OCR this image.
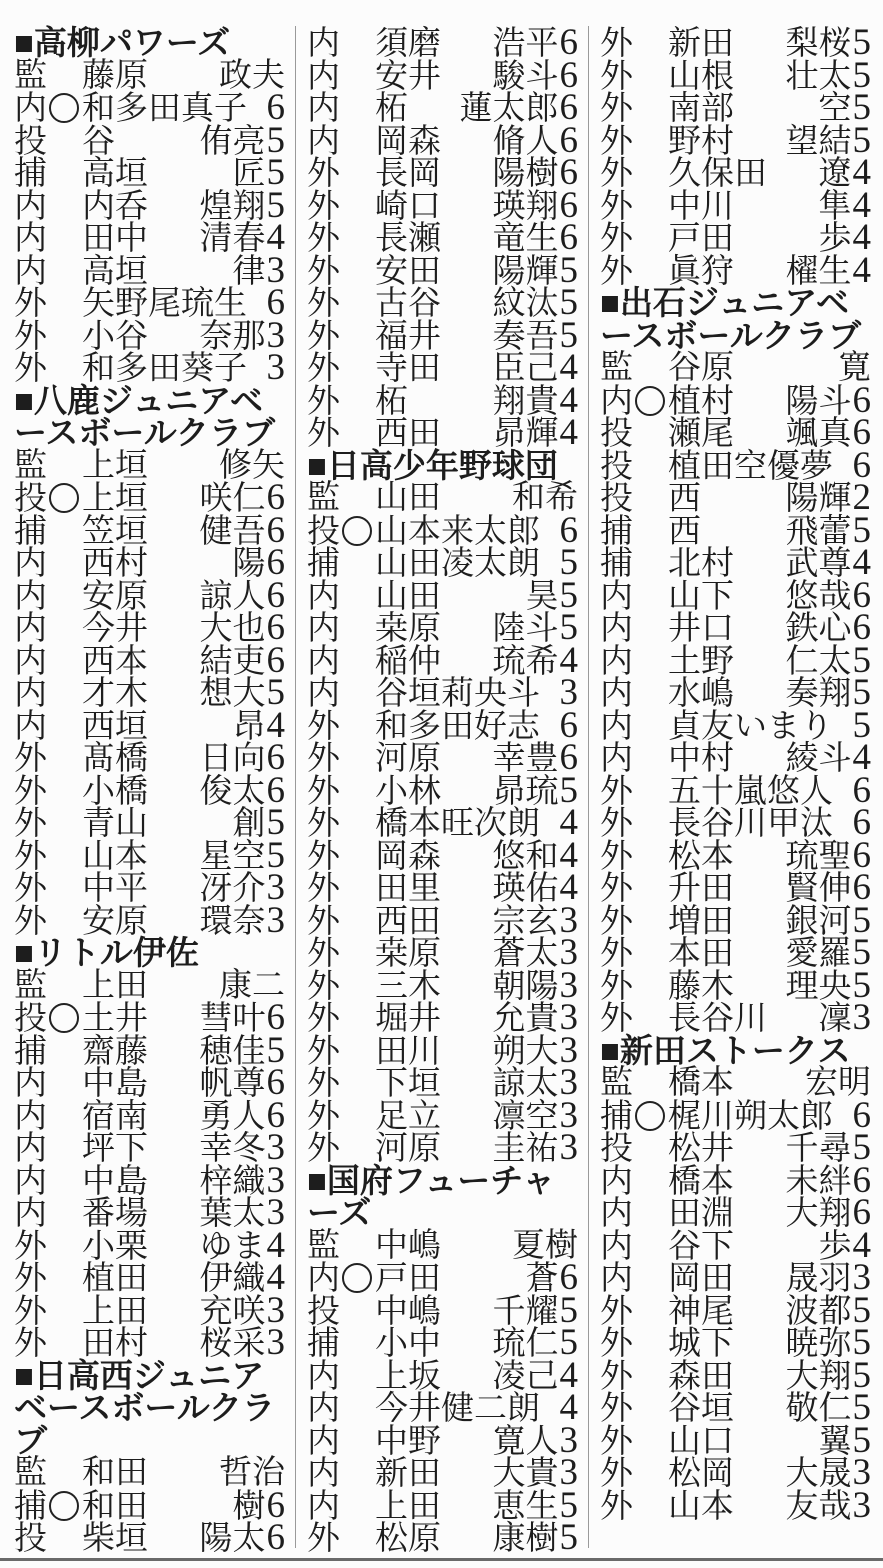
■高柳パワーズ
監 藤原 政夫
内 和多田真子 6
投 谷	侑亮 5
捕 高垣	匠 5
内 内呑 煌翔 5
内 田中 清春 4
内 高垣	律 3
外 矢野尾琉生 6
外 小谷 奈那 3
外 和多田葵子 3
■八鹿ジュニアベ
ースボールクラブ
監 上垣 修矢
投 上垣 咲仁 6
捕 笠垣 健吾 6
内 西村	陽 6
内 安原 諒人 6
内 今井 大也 6
内 西本 結吏 6
内 才木 想大 5
内 西垣	昂 4
外 髙橋 日向 6
外 小橋 俊太 6
外 青山	創 5
外 山本 星空 5
外 中平 冴介 3
外 安原 環奈 3
■リトル伊佐
監 上田 康二
投 土井 彗叶 6
捕 齋藤 穂佳 5
内 中島 帆尊 6
内 宿南 勇人 6
内 坪下 幸冬 3
内 中島 梓織 3
内 番場 葉太 3
外 小栗 ゆま 4
外 植田 伊織 4
外 上田 充咲 3
外 田村 桜采 3
■日高西ジュニア
ベースボールクラ
ブ
監 和田 哲治
捕 和田	樹 6
投 柴垣 陽太 6
内 須磨 浩平 6
内 安井 駿斗 6
内 柘 蓮太郎 6
内 岡森 脩人 6
外 長岡 陽樹 6
外 崎口 瑛翔 6
外 長瀬 竜生 6
外 安田 陽輝 5
外 古谷 紋汰 5
外 福井 奏吾 5
外 寺田 臣己 4
外 柘	翔貴 4
外 西田 昴輝 4
■日高少年野球団
監 山田 和希
投 山本来太郎 6
捕 山田凌太朗 5
内 山田	昊 5
内 桒原 陸斗 5
内 稲仲 琉希 4
内 谷垣莉央斗 3
外 和多田好志 6
外 河原 幸豊 6
外 小林 昴琉 5
外 橋本旺次朗 4
外 岡森 悠和 4
外 田里 瑛佑 4
外 西田 宗玄 3
外 桒原 蒼太 3
外 三木 朝陽 3
外 堀井 允貴 3
外 田川 朔大 3
外 下垣 諒太 3
外 足立 凛空 3
外 河原 圭祐 3
■国府フューチャ
ーズ
監 中嶋 夏樹
内 戸田	蒼 6
投 中嶋 千耀 5
捕 小中 琉仁 5
内 上坂 凌己 4
内 今井健二朗 4
内 中野 寛人 3
内 新田 大貴 3
内 上田 恵生 5
外 松原 康樹 5
外 新田 梨桜 5
外 山根 壮太 5
外 南部	空 5
外 野村 望結 5
外 久保田 遼 4
外 中川	隼 4
外 戸田	歩 4
外 眞狩 櫂生 4
■出石ジュニアベ
ースボールクラブ
監 谷原	寛
内 植村 陽斗 6
投 瀬尾 颯真 6
投 植田空優夢 6
投 西	陽輝 2
捕 西	飛蕾 5
捕 北村 武尊 4
内 山下 悠哉 6
内 井口 鉄心 6
内 土野 仁太 5
内 水嶋 奏翔 5
内 貞友いまり 5
内 中村 綾斗 4
外 五十嵐悠人 6
外 長谷川甲汰 6
外 松本 琉聖 6
外 升田 賢伸 6
外 増田 銀河 5
外 本田 愛羅 5
外 藤木 理央 5
外 長谷川 凜 3
■新田ストークス
監 橋本 宏明
捕 梶川朔太郎 6
投 松井 千尋 5
内 橋本 未絆 6
内 田淵 大翔 6
内 谷下	歩 4
内 岡田 晟羽 3
外 神尾 波都 5
外 城下 暁弥 5
外 森田 大翔 5
外 谷垣 敬仁 5
外 山口	翼 5
外 松岡 大晟 3
外 山本 友哉 3
